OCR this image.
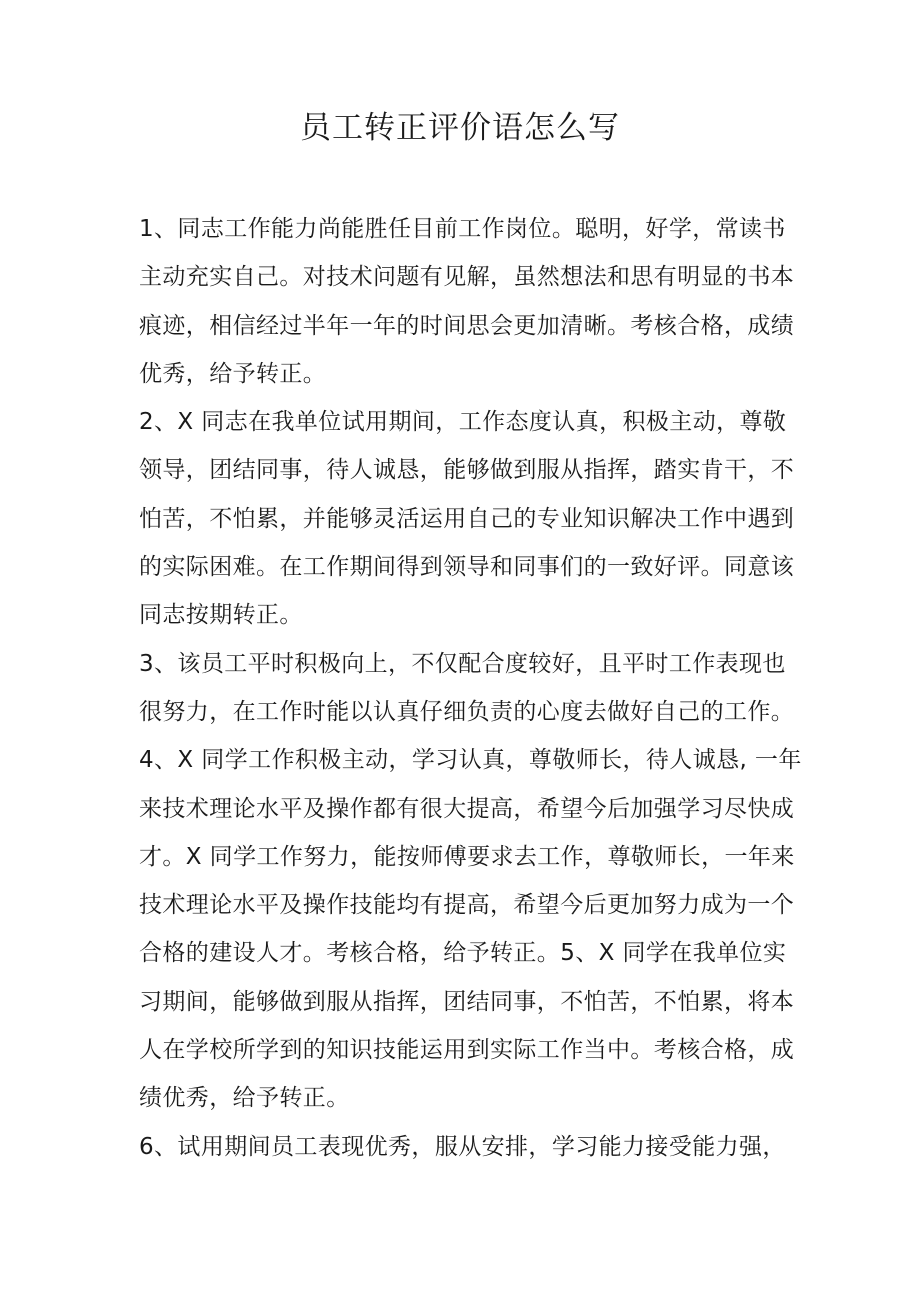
员工转正评价语怎么写

1、同志工作能力尚能胜任目前工作岗位。聪明，好学，常读书
主动充实自己。对技术问题有见解，虽然想法和思有明显的书本
痕迹，相信经过半年一年的时间思会更加清晰。考核合格，成绩
优秀，给予转正。

2、X 同志在我单位试用期间，工作态度认真，积极主动，尊敬
领导，团结同事，待人诚恳，能够做到服从指挥，踏实肯干，不
怕苦，不怕累，并能够灵活运用自己的专业知识解决工作中遇到
的实际困难。在工作期间得到领导和同事们的一致好评。同意该
同志按期转正。

3、该员工平时积极向上，不仅配合度较好，且平时工作表现也
很努力，在工作时能以认真仔细负责的心度去做好自己的工作。

4、X 同学工作积极主动，学习认真，尊敬师长，待人诚恳, 一年
来技术理论水平及操作都有很大提高，希望今后加强学习尽快成
才。X 同学工作努力，能按师傅要求去工作，尊敬师长，一年来
技术理论水平及操作技能均有提高，希望今后更加努力成为一个
合格的建设人才。考核合格，给予转正。5、X 同学在我单位实
习期间，能够做到服从指挥，团结同事，不怕苦，不怕累，将本
人在学校所学到的知识技能运用到实际工作当中。考核合格，成
绩优秀，给予转正。

6、试用期间员工表现优秀，服从安排，学习能力接受能力强，
